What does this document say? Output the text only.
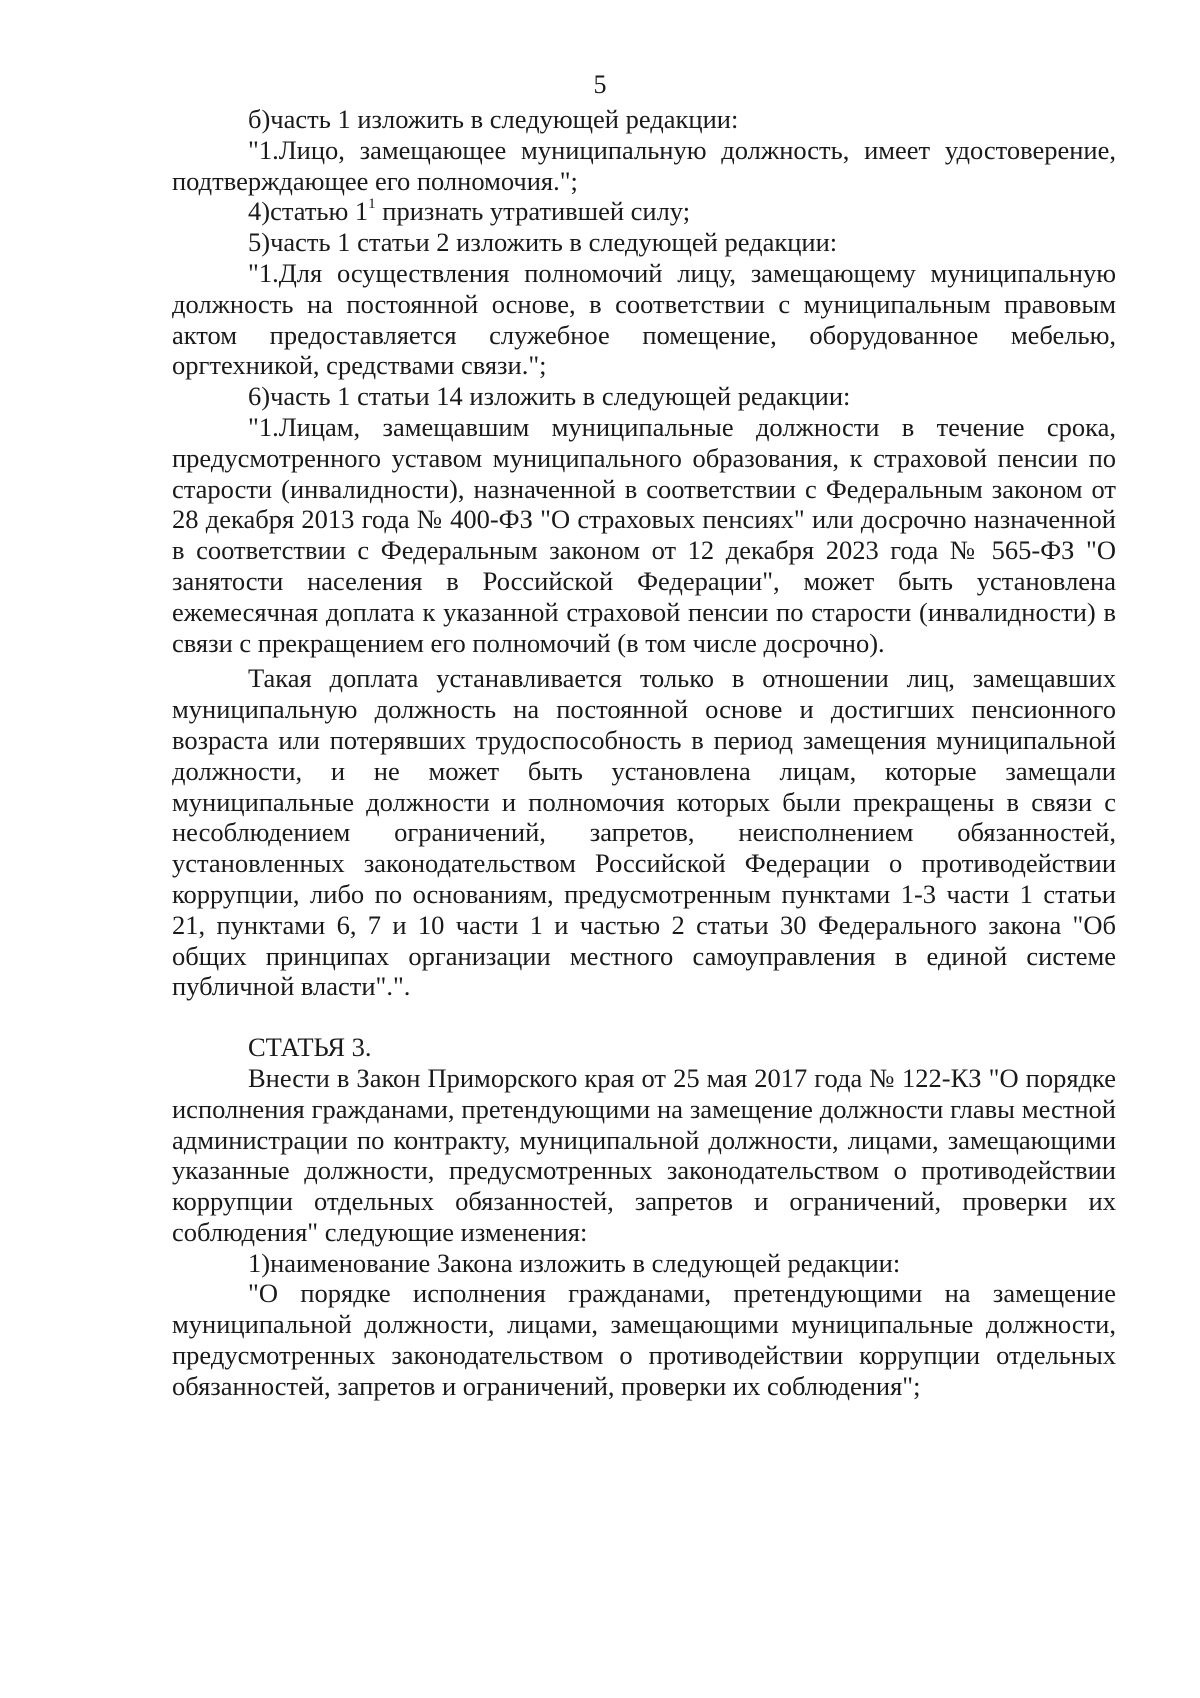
5

б)часть 1 изложить в следующей редакции:

"1.Лицо, замещающее муниципальную должность, имеет удостоверение, подтверждающее его полномочия.";

4)статью $1^1$ признать утратившей силу;

5)часть 1 статьи 2 изложить в следующей редакции:

"1.Для осуществления полномочий лицу, замещающему муниципальную должность на постоянной основе, в соответствии с муниципальным правовым актом предоставляется служебное помещение, оборудованное мебелью, оргтехникой, средствами связи.";

6)часть 1 статьи 14 изложить в следующей редакции:

"1.Лицам, замещавшим муниципальные должности в течение срока, предусмотренного уставом муниципального образования, к страховой пенсии по старости (инвалидности), назначенной в соответствии с Федеральным законом от 28 декабря 2013 года № 400-ФЗ "О страховых пенсиях" или досрочно назначенной в соответствии с Федеральным законом от 12 декабря 2023 года № 565-ФЗ "О занятости населения в Российской Федерации", может быть установлена ежемесячная доплата к указанной страховой пенсии по старости (инвалидности) в связи с прекращением его полномочий (в том числе досрочно).

Такая доплата устанавливается только в отношении лиц, замещавших муниципальную должность на постоянной основе и достигших пенсионного возраста или потерявших трудоспособность в период замещения муниципальной должности, и не может быть установлена лицам, которые замещали муниципальные должности и полномочия которых были прекращены в связи с несоблюдением ограничений, запретов, неисполнением обязанностей, установленных законодательством Российской Федерации о противодействии коррупции, либо по основаниям, предусмотренным пунктами 1-3 части 1 статьи 21, пунктами 6, 7 и 10 части 1 и частью 2 статьи 30 Федерального закона "Об общих принципах организации местного самоуправления в единой системе публичной власти".".

СТАТЬЯ 3.

Внести в Закон Приморского края от 25 мая 2017 года № 122-КЗ "О порядке исполнения гражданами, претендующими на замещение должности главы местной администрации по контракту, муниципальной должности, лицами, замещающими указанные должности, предусмотренных законодательством о противодействии коррупции отдельных обязанностей, запретов и ограничений, проверки их соблюдения" следующие изменения:

1)наименование Закона изложить в следующей редакции:

"О порядке исполнения гражданами, претендующими на замещение муниципальной должности, лицами, замещающими муниципальные должности, предусмотренных законодательством о противодействии коррупции отдельных обязанностей, запретов и ограничений, проверки их соблюдения";
